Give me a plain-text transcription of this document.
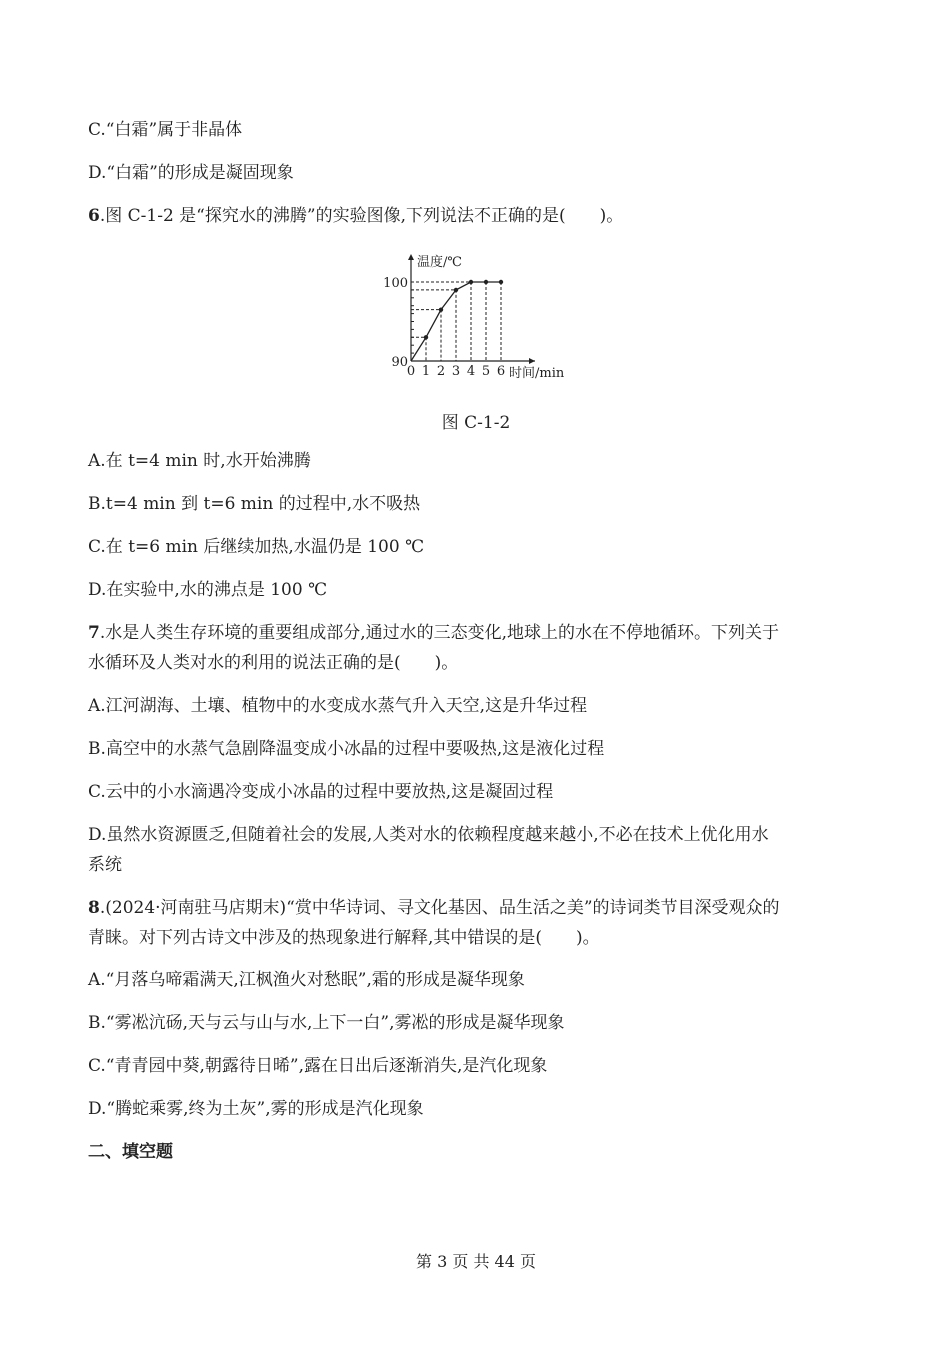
C.“白霜”属于非晶体
D.“白霜”的形成是凝固现象
6.图 C-1-2 是“探究水的沸腾”的实验图像,下列说法不正确的是(　　)。
0 1 2 3 4 5 6
90
100
时间/min
温度/℃
图 C-1-2
A.在 t=4 min 时,水开始沸腾
B.t=4 min 到 t=6 min 的过程中,水不吸热
C.在 t=6 min 后继续加热,水温仍是 100 ℃
D.在实验中,水的沸点是 100 ℃
7.水是人类生存环境的重要组成部分,通过水的三态变化,地球上的水在不停地循环。下列关于
水循环及人类对水的利用的说法正确的是(　　)。
A.江河湖海、土壤、植物中的水变成水蒸气升入天空,这是升华过程
B.高空中的水蒸气急剧降温变成小冰晶的过程中要吸热,这是液化过程
C.云中的小水滴遇冷变成小冰晶的过程中要放热,这是凝固过程
D.虽然水资源匮乏,但随着社会的发展,人类对水的依赖程度越来越小,不必在技术上优化用水
系统
8.(2024·河南驻马店期末)“赏中华诗词、寻文化基因、品生活之美”的诗词类节目深受观众的
青睐。对下列古诗文中涉及的热现象进行解释,其中错误的是(　　)。
A.“月落乌啼霜满天,江枫渔火对愁眠”,霜的形成是凝华现象
B.“雾凇沆砀,天与云与山与水,上下一白”,雾凇的形成是凝华现象
C.“青青园中葵,朝露待日晞”,露在日出后逐渐消失,是汽化现象
D.“腾蛇乘雾,终为土灰”,雾的形成是汽化现象
二、填空题
第 3 页 共 44 页
